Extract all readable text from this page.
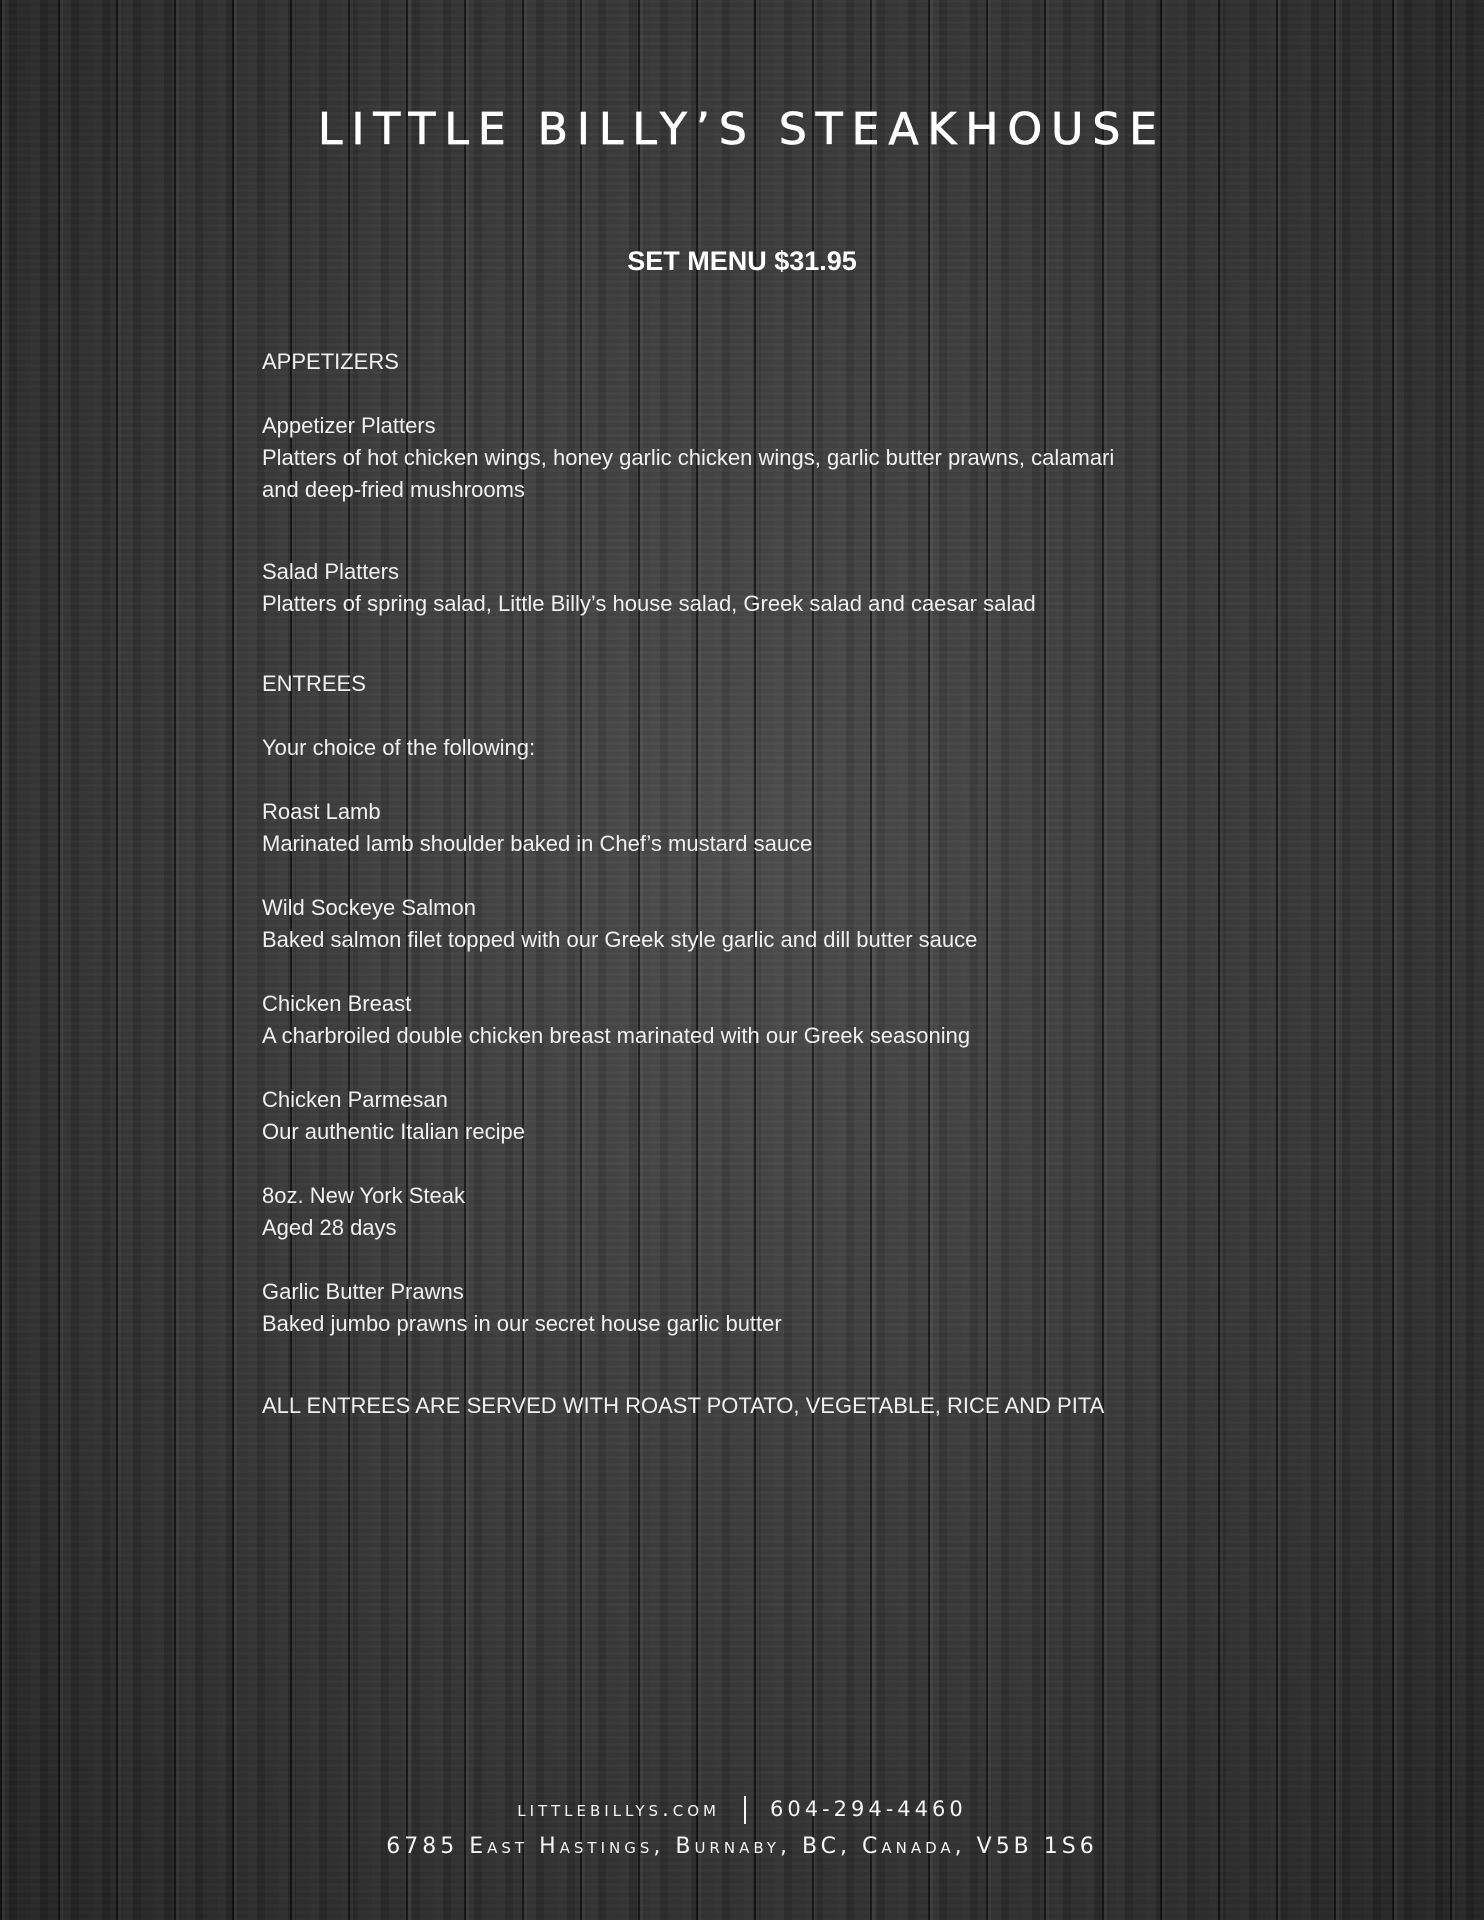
LITTLE BILLY’S STEAKHOUSE
SET MENU $31.95

APPETIZERS

Appetizer Platters

Platters of hot chicken wings, honey garlic chicken wings, garlic butter prawns, calamari

and deep-fried mushrooms

Salad Platters

Platters of spring salad, Little Billy’s house salad, Greek salad and caesar salad

ENTREES

Your choice of the following:

Roast Lamb

Marinated lamb shoulder baked in Chef’s mustard sauce

Wild Sockeye Salmon

Baked salmon filet topped with our Greek style garlic and dill butter sauce

Chicken Breast

A charbroiled double chicken breast marinated with our Greek seasoning

Chicken Parmesan

Our authentic Italian recipe

8oz. New York Steak

Aged 28 days

Garlic Butter Prawns

Baked jumbo prawns in our secret house garlic butter

ALL ENTREES ARE SERVED WITH ROAST POTATO, VEGETABLE, RICE AND PITA

littlebillys.com 604-294-4460
6785 East Hastings, Burnaby, BC, Canada, V5B 1S6
